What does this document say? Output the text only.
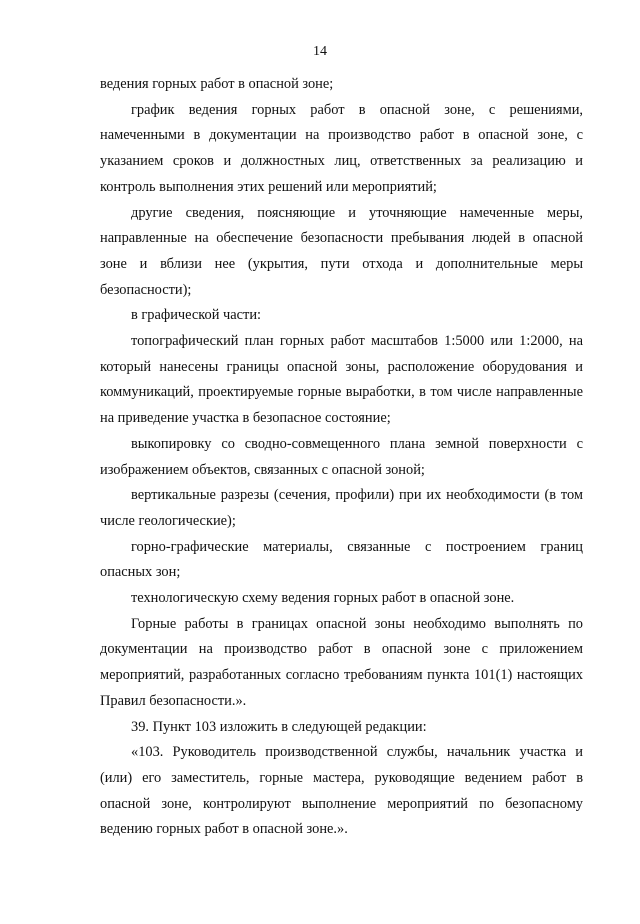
14

ведения горных работ в опасной зоне;

график ведения горных работ в опасной зоне, с решениями, намеченными в документации на производство работ в опасной зоне, с указанием сроков и должностных лиц, ответственных за реализацию и контроль выполнения этих решений или мероприятий;

другие сведения, поясняющие и уточняющие намеченные меры, направленные на обеспечение безопасности пребывания людей в опасной зоне и вблизи нее (укрытия, пути отхода и дополнительные меры безопасности);

в графической части:

топографический план горных работ масштабов 1:5000 или 1:2000, на который нанесены границы опасной зоны, расположение оборудования и коммуникаций, проектируемые горные выработки, в том числе направленные на приведение участка в безопасное состояние;

выкопировку со сводно-совмещенного плана земной поверхности с изображением объектов, связанных с опасной зоной;

вертикальные разрезы (сечения, профили) при их необходимости (в том числе геологические);

горно-графические материалы, связанные с построением границ опасных зон;

технологическую схему ведения горных работ в опасной зоне.

Горные работы в границах опасной зоны необходимо выполнять по документации на производство работ в опасной зоне с приложением мероприятий, разработанных согласно требованиям пункта 101(1) настоящих Правил безопасности.».

39. Пункт 103 изложить в следующей редакции:

«103. Руководитель производственной службы, начальник участка и (или) его заместитель, горные мастера, руководящие ведением работ в опасной зоне, контролируют выполнение мероприятий по безопасному ведению горных работ в опасной зоне.».
